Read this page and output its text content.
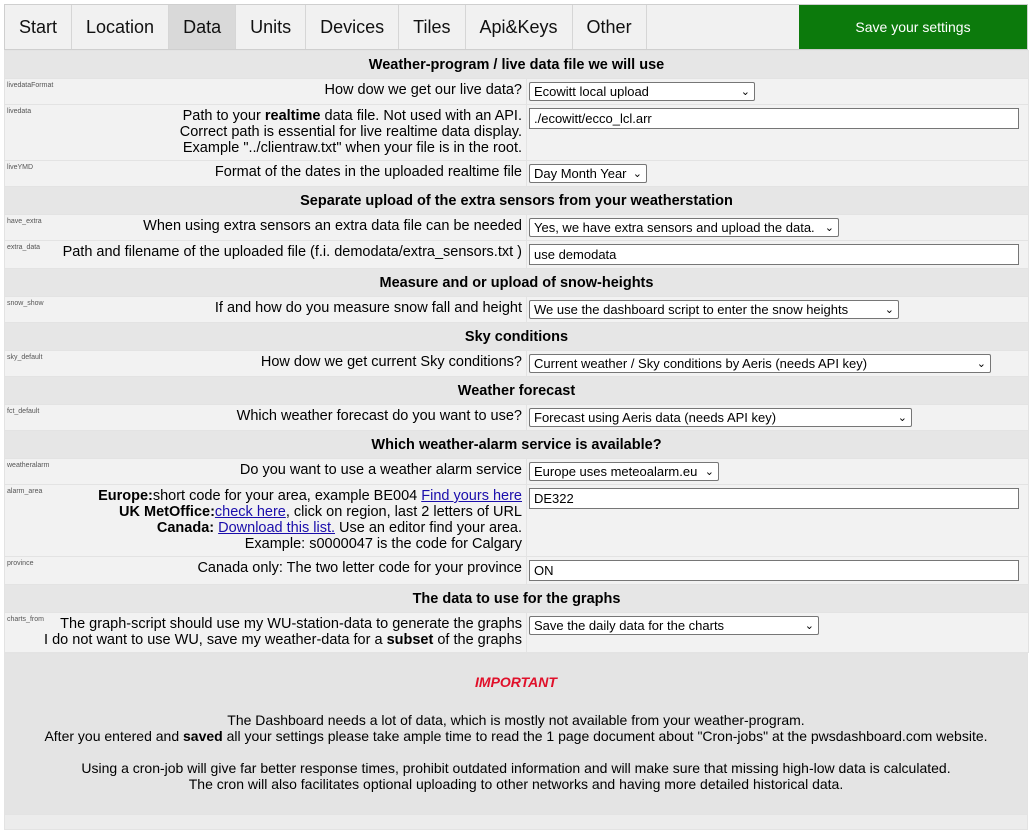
Start	Location	Data	Units	Devices	Tiles	Api&Keys	Other	Save your settings
Weather-program / live data file we will use	

livedataFormat How dow we get our live data?	Ecowitt local upload ⌄

livedata Path to your realtime data file. Not used with an API.
Correct path is essential for live realtime data display.
Example "../clientraw.txt" when your file is in the root.	./ecowitt/ecco_lcl.arr

liveYMD Format of the dates in the uploaded realtime file	Day Month Year ⌄

Separate upload of the extra sensors from your weatherstation	

have_extra When using extra sensors an extra data file can be needed	Yes, we have extra sensors and upload the data. ⌄

extra_data Path and filename of the uploaded file (f.i. demodata/extra_sensors.txt )	use demodata

Measure and or upload of snow-heights	

snow_show If and how do you measure snow fall and height	We use the dashboard script to enter the snow heights ⌄

Sky conditions	

sky_default How dow we get current Sky conditions?	Current weather / Sky conditions by Aeris (needs API key) ⌄

Weather forecast	

fct_default Which weather forecast do you want to use?	Forecast using Aeris data (needs API key) ⌄

Which weather-alarm service is available?	

weatheralarm Do you want to use a weather alarm service	Europe uses meteoalarm.eu ⌄

alarm_area Europe:short code for your area, example BE004 Find yours here
UK MetOffice:check here, click on region, last 2 letters of URL
Canada: Download this list. Use an editor find your area.
Example: s0000047 is the code for Calgary	DE322

province Canada only: The two letter code for your province	ON

The data to use for the graphs	

charts_from The graph-script should use my WU-station-data to generate the graphs
I do not want to use WU, save my weather-data for a subset of the graphs	Save the daily data for the charts ⌄
IMPORTANT
The Dashboard needs a lot of data, which is mostly not available from your weather-program.
After you entered and saved all your settings please take ample time to read the 1 page document about "Cron-jobs" at the pwsdashboard.com website.
Using a cron-job will give far better response times, prohibit outdated information and will make sure that missing high-low data is calculated.
The cron will also facilitates optional uploading to other networks and having more detailed historical data.
